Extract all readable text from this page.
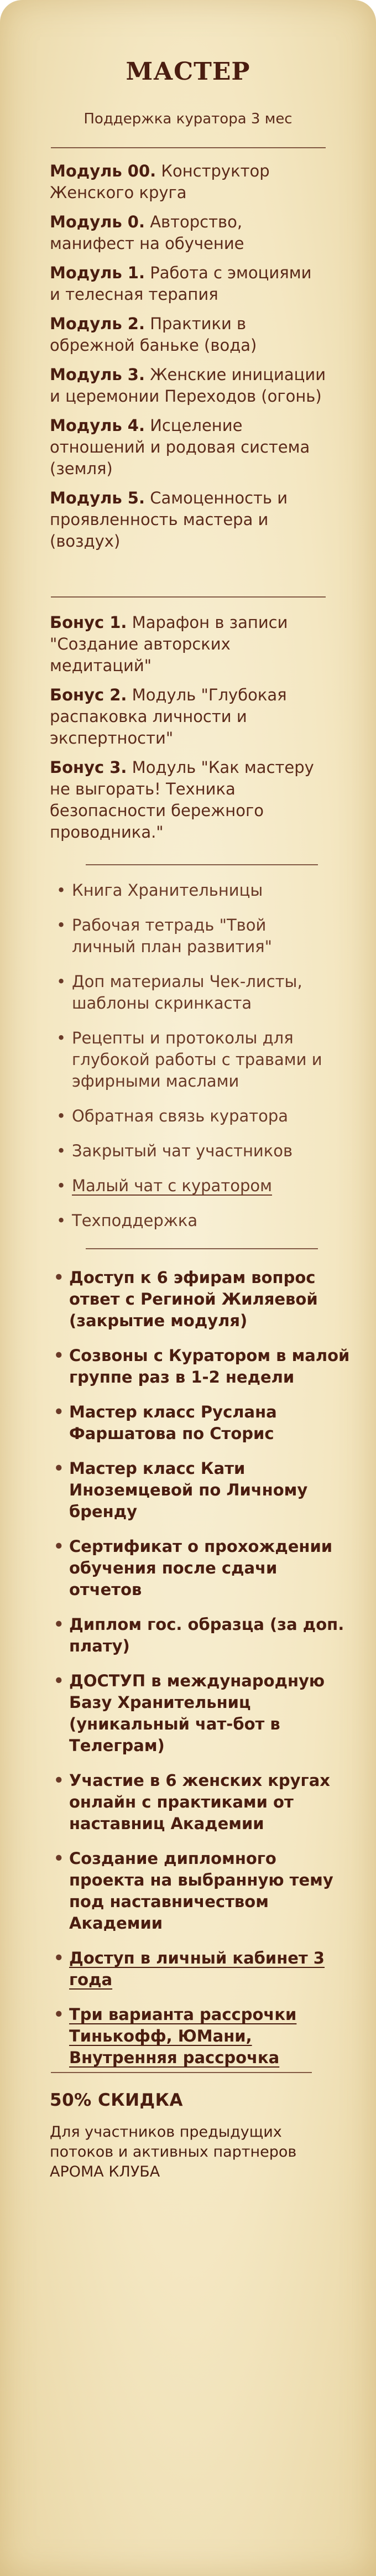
МАСТЕР
Поддержка куратора 3 мес

Модуль 00. Конструктор Женского круга

Модуль 0. Авторство, манифест на обучение

Модуль 1. Работа с эмоциями и телесная терапия

Модуль 2. Практики в обрежной баньке (вода)

Модуль 3. Женские инициации и церемонии Переходов (огонь)

Модуль 4. Исцеление отношений и родовая система (земля)

Модуль 5. Самоценность и проявленность мастера и (воздух)

Бонус 1. Марафон в записи "Создание авторских медитаций"

Бонус 2. Модуль "Глубокая распаковка личности и экспертности"

Бонус 3. Модуль "Как мастеру не выгорать! Техника безопасности бережного проводника."

• Книга Хранительницы
• Рабочая тетрадь "Твой личный план развития"
• Доп материалы Чек-листы, шаблоны скринкаста
• Рецепты и протоколы для глубокой работы с травами и эфирными маслами
• Обратная связь куратора
• Закрытый чат участников
• Малый чат с куратором
• Техподдержка
• Доступ к 6 эфирам вопрос ответ с Региной Жиляевой (закрытие модуля)
• Созвоны с Куратором в малой группе раз в 1-2 недели
• Мастер класс Руслана Фаршатова по Сторис
• Мастер класс Кати Иноземцевой по Личному бренду
• Сертификат о прохождении обучения после сдачи отчетов
• Диплом гос. образца (за доп. плату)
• ДОСТУП в международную Базу Хранительниц (уникальный чат-бот в Телеграм)
• Участие в 6 женских кругах онлайн с практиками от наставниц Академии
• Создание дипломного проекта на выбранную тему под наставничеством Академии
• Доступ в личный кабинет 3 года
• Три варианта рассрочки Тинькофф, ЮМани, Внутренняя рассрочка
50% СКИДКА
Для участников предыдущих потоков и активных партнеров АРОМА КЛУБА
